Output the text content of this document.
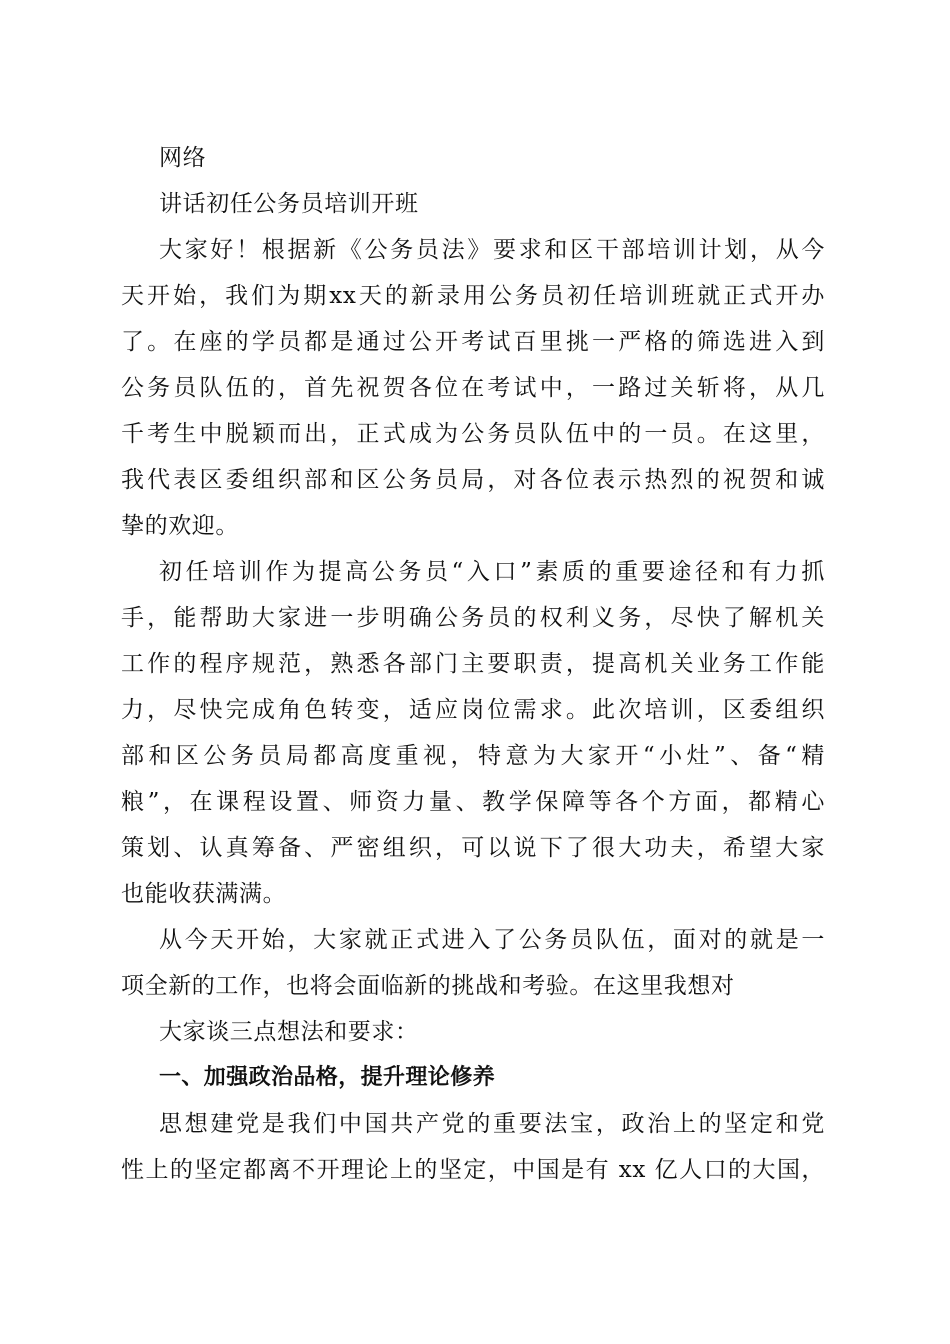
网络
讲话初任公务员培训开班
大家好！根据新《公务员法》要求和区干部培训计划，从今
天开始，我们为期xx天的新录用公务员初任培训班就正式开办
了。在座的学员都是通过公开考试百里挑一严格的筛选进入到
公务员队伍的，首先祝贺各位在考试中，一路过关斩将，从几
千考生中脱颖而出，正式成为公务员队伍中的一员。在这里，
我代表区委组织部和区公务员局，对各位表示热烈的祝贺和诚
挚的欢迎。
初任培训作为提高公务员“入口”素质的重要途径和有力抓
手，能帮助大家进一步明确公务员的权利义务，尽快了解机关
工作的程序规范，熟悉各部门主要职责，提高机关业务工作能
力，尽快完成角色转变，适应岗位需求。此次培训，区委组织
部和区公务员局都高度重视，特意为大家开“小灶”、备“精
粮”，在课程设置、师资力量、教学保障等各个方面，都精心
策划、认真筹备、严密组织，可以说下了很大功夫，希望大家
也能收获满满。
从今天开始，大家就正式进入了公务员队伍，面对的就是一
项全新的工作，也将会面临新的挑战和考验。在这里我想对
大家谈三点想法和要求：
一、加强政治品格，提升理论修养
思想建党是我们中国共产党的重要法宝，政治上的坚定和党
性上的坚定都离不开理论上的坚定，中国是有 xx 亿人口的大国，
